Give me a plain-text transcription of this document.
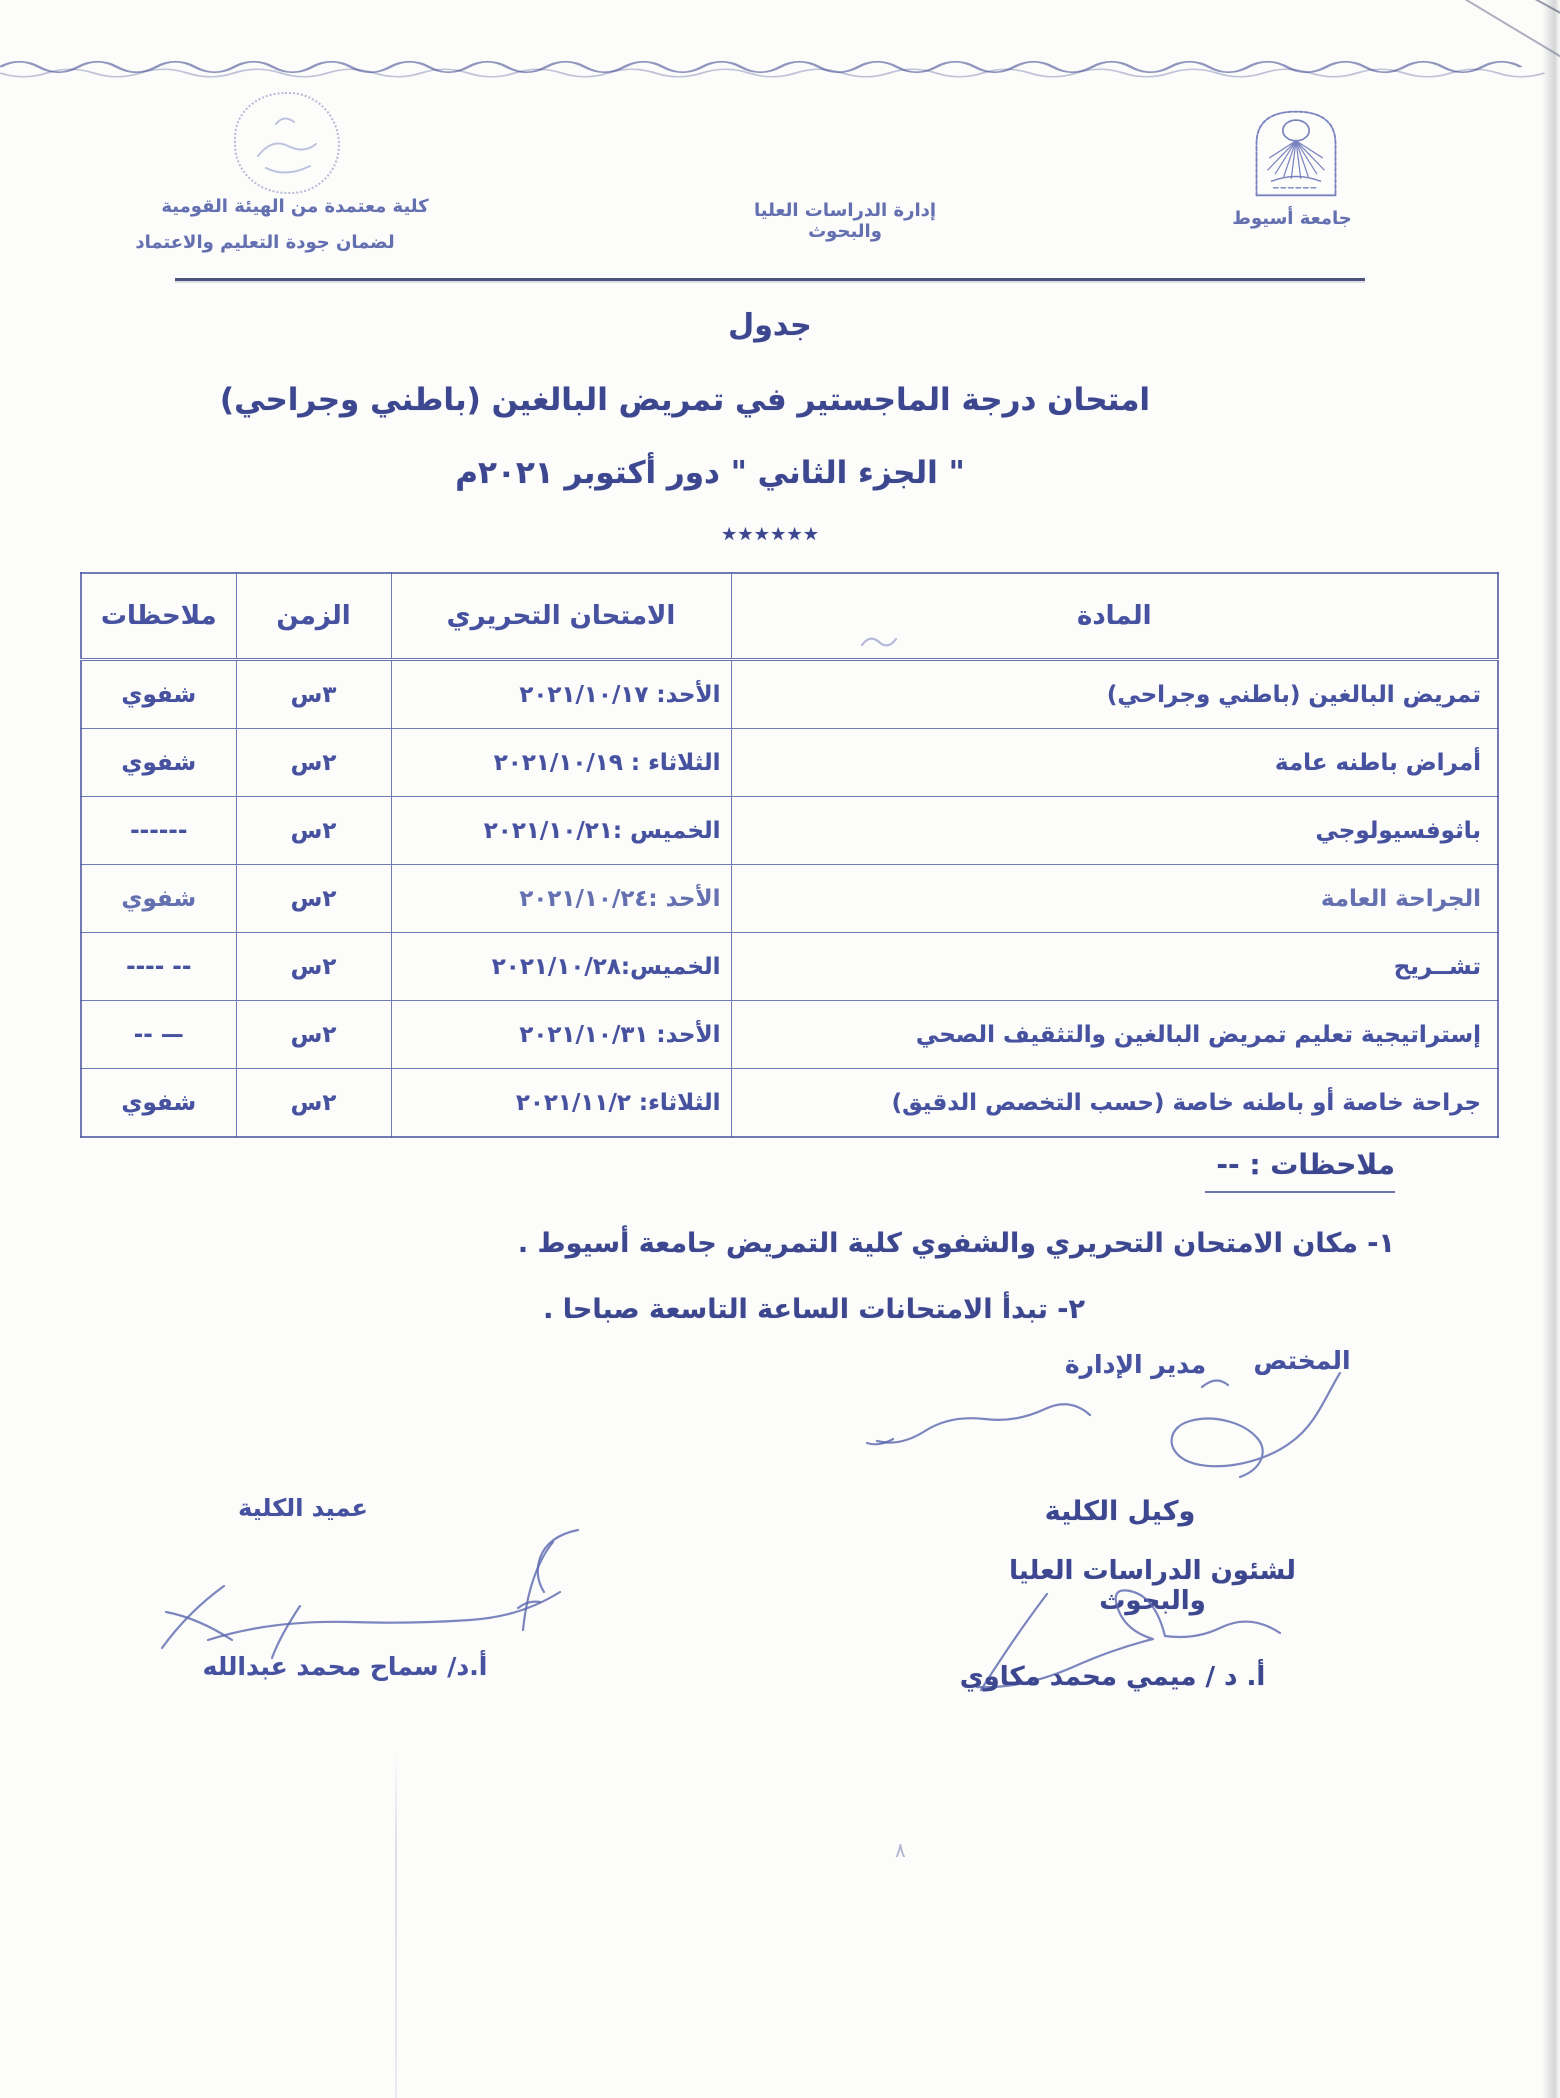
٨
كلية معتمدة من الهيئة القومية
لضمان جودة التعليم والاعتماد
إدارة الدراسات العليا والبحوث
جامعة أسيوط
جدول
امتحان درجة الماجستير في تمريض البالغين (باطني وجراحي)
" الجزء الثاني " دور أكتوبر ٢٠٢١م
٭٭٭٭٭٭
المادة	الامتحان التحريري	الزمن	ملاحظات
تمريض البالغين (باطني وجراحي)	الأحد: ٢٠٢١/١٠/١٧	٣س	شفوي
أمراض باطنه عامة	الثلاثاء : ٢٠٢١/١٠/١٩	٢س	شفوي
باثوفسيولوجي	الخميس :٢٠٢١/١٠/٢١	٢س	------
الجراحة العامة	الأحد :٢٠٢١/١٠/٢٤	٢س	شفوي
تشــريح	الخميس:٢٠٢١/١٠/٢٨	٢س	-- ----
إستراتيجية تعليم تمريض البالغين والتثقيف الصحي	الأحد: ٢٠٢١/١٠/٣١	٢س	— --
جراحة خاصة أو باطنه خاصة (حسب التخصص الدقيق)	الثلاثاء: ٢٠٢١/١١/٢	٢س	شفوي
ملاحظات : --
١- مكان الامتحان التحريري والشفوي كلية التمريض جامعة أسيوط .
٢- تبدأ الامتحانات الساعة التاسعة صباحا .
المختص
مدير الإدارة
وكيل الكلية
لشئون الدراسات العليا والبحوث
أ. د / ميمي محمد مكاوي
عميد الكلية
أ.د/ سماح محمد عبدالله
